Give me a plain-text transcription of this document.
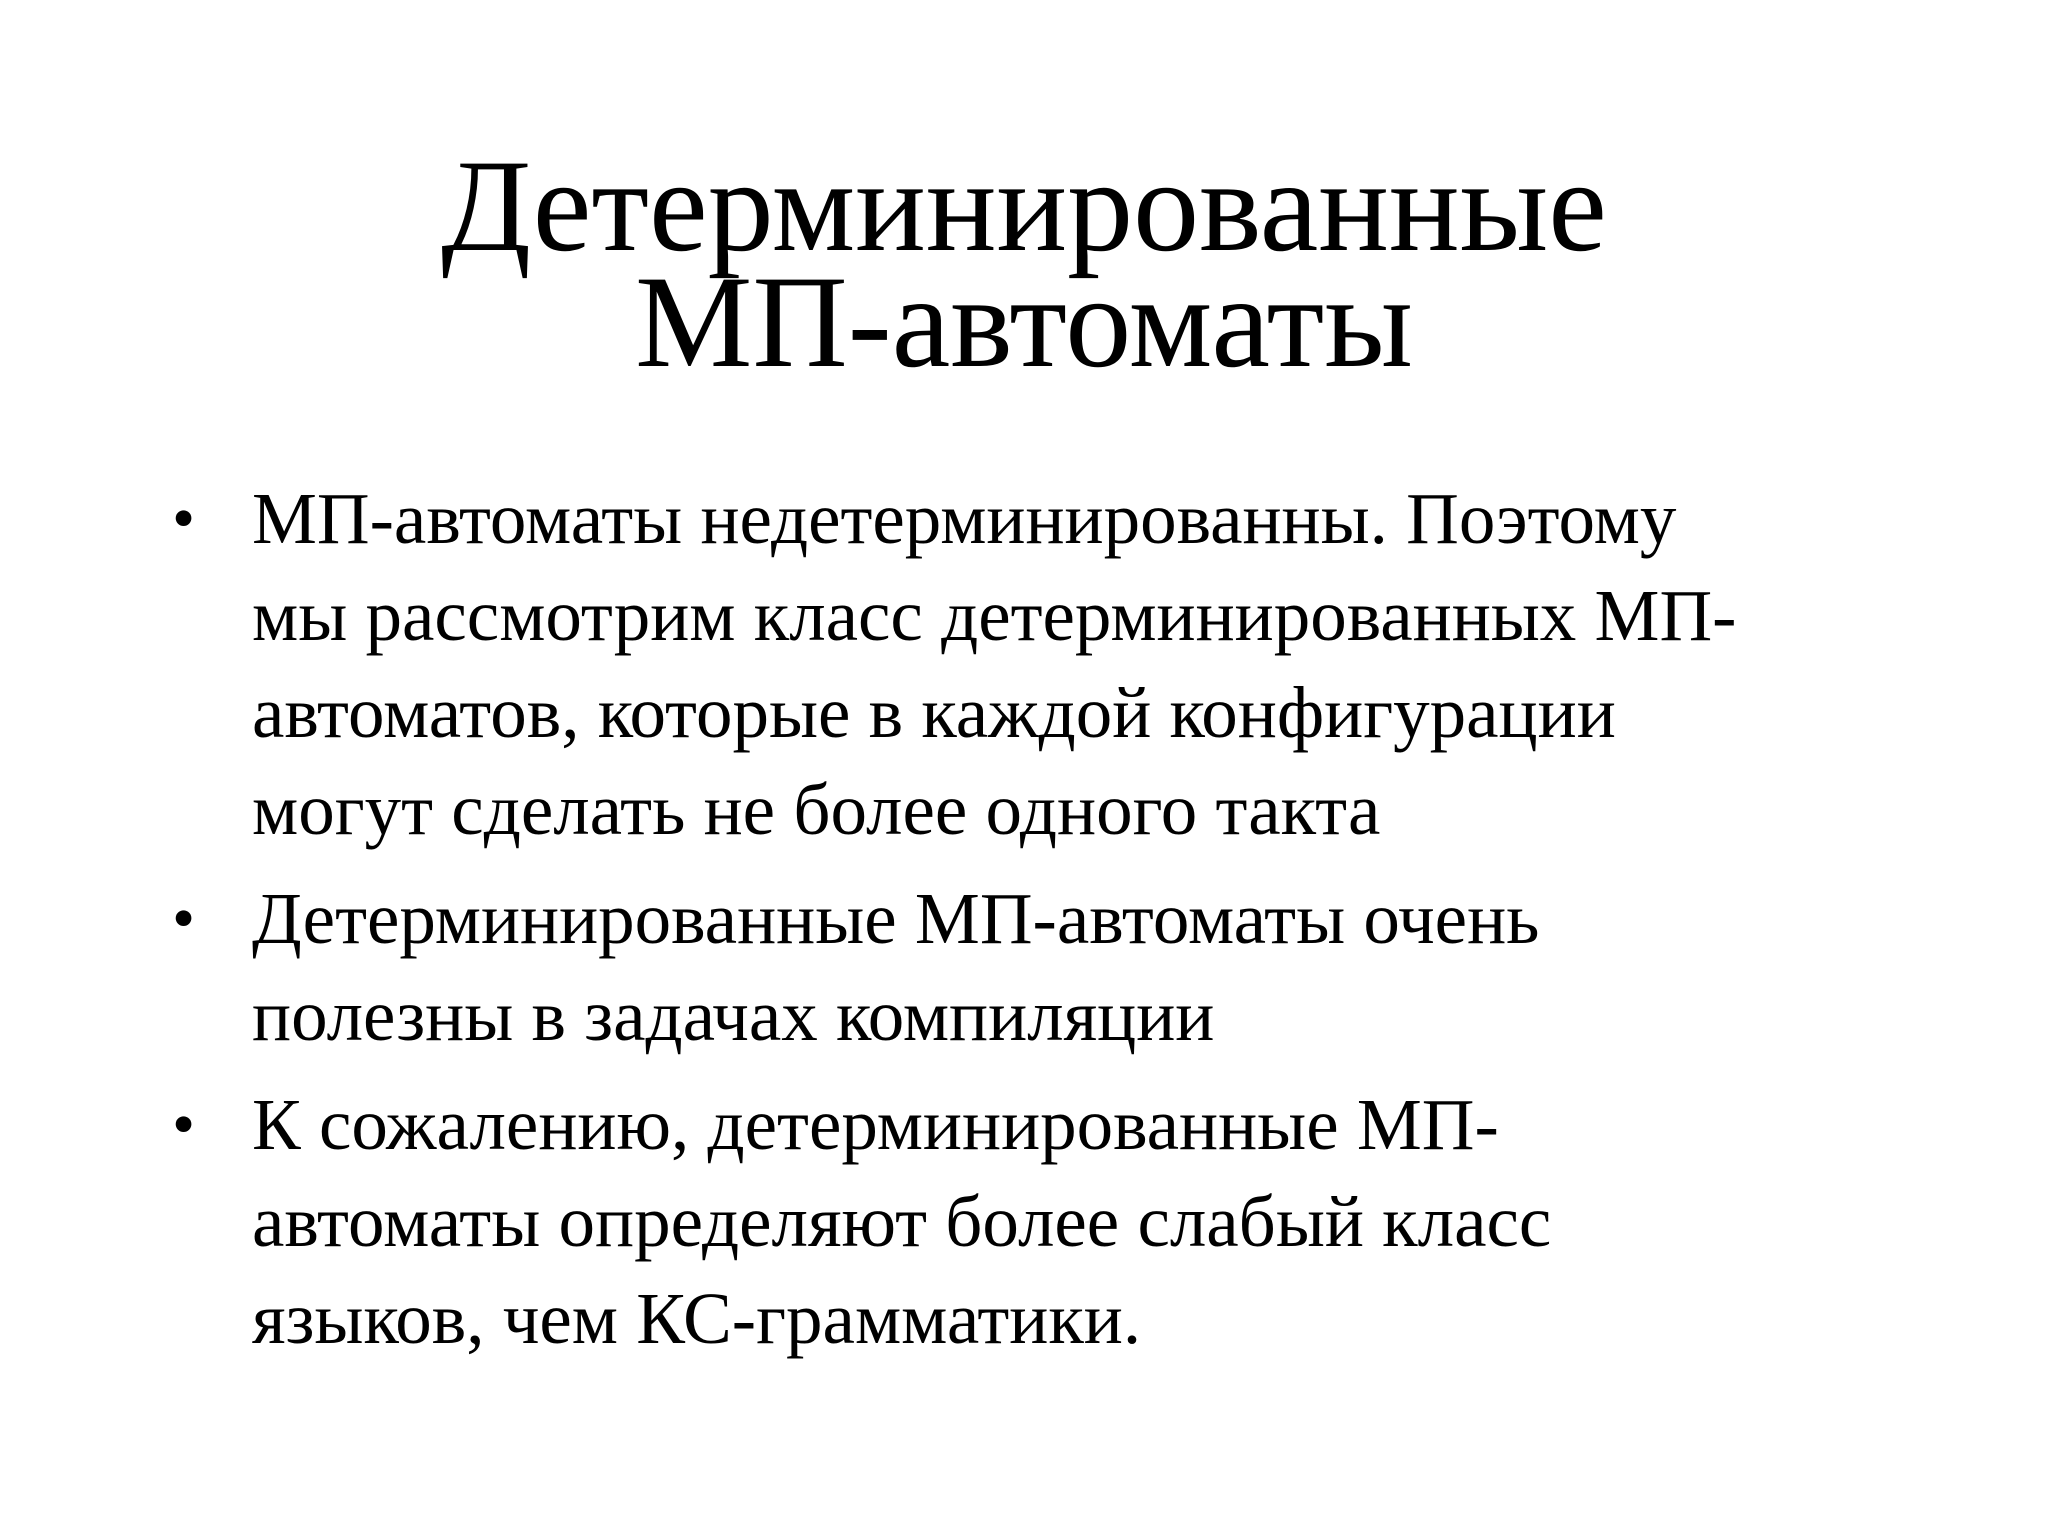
Детерминированные
МП-автоматы
• МП-автоматы недетерминированны. Поэтому
мы рассмотрим класс детерминированных МП-
автоматов, которые в каждой конфигурации
могут сделать не более одного такта
• Детерминированные МП-автоматы очень
полезны в задачах компиляции
• К сожалению, детерминированные МП-
автоматы определяют более слабый класс
языков, чем КС-грамматики.
